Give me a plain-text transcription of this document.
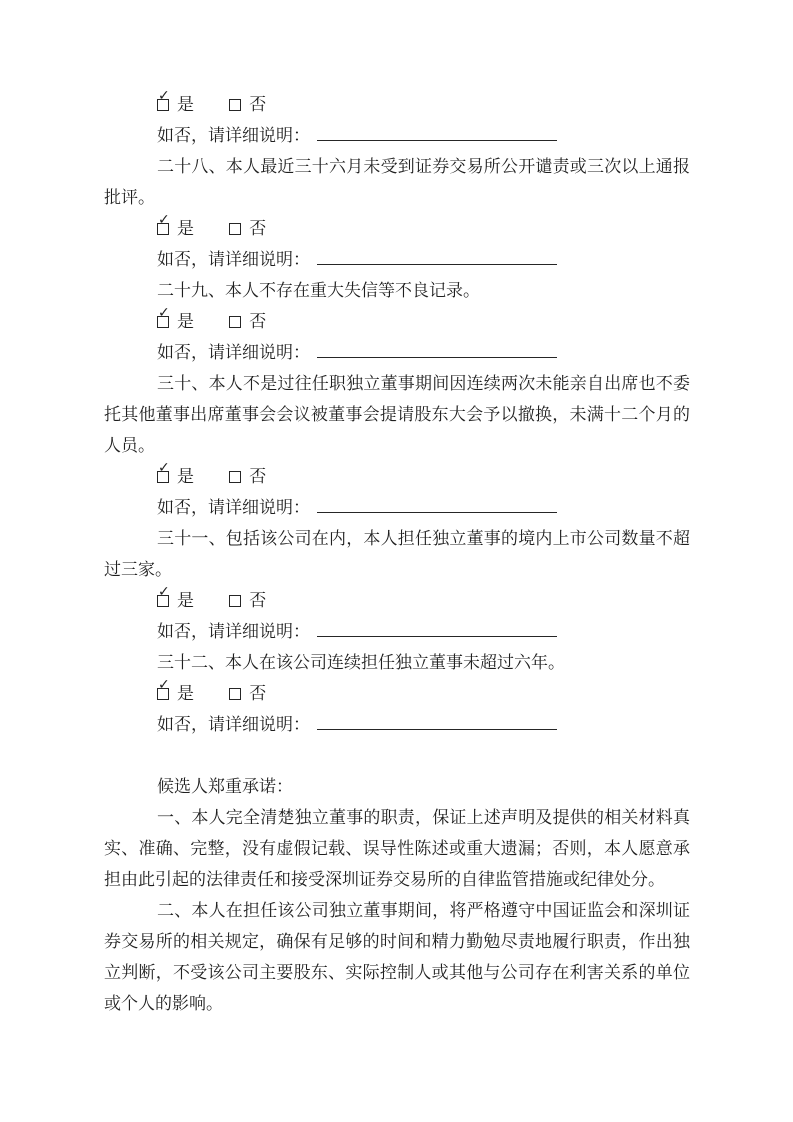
✓ 是	否
如否，请详细说明：

二十八、本人最近三十六月未受到证券交易所公开谴责或三次以上通报批评。

✓ 是	否
如否，请详细说明：

二十九、本人不存在重大失信等不良记录。

✓ 是	否
如否，请详细说明：

三十、本人不是过往任职独立董事期间因连续两次未能亲自出席也不委托其他董事出席董事会会议被董事会提请股东大会予以撤换，未满十二个月的人员。

✓ 是	否
如否，请详细说明：

三十一、包括该公司在内，本人担任独立董事的境内上市公司数量不超过三家。

✓ 是	否
如否，请详细说明：

三十二、本人在该公司连续担任独立董事未超过六年。

✓ 是	否
如否，请详细说明：

候选人郑重承诺：

一、本人完全清楚独立董事的职责，保证上述声明及提供的相关材料真实、准确、完整，没有虚假记载、误导性陈述或重大遗漏；否则，本人愿意承担由此引起的法律责任和接受深圳证券交易所的自律监管措施或纪律处分。

二、本人在担任该公司独立董事期间，将严格遵守中国证监会和深圳证券交易所的相关规定，确保有足够的时间和精力勤勉尽责地履行职责，作出独立判断，不受该公司主要股东、实际控制人或其他与公司存在利害关系的单位或个人的影响。
